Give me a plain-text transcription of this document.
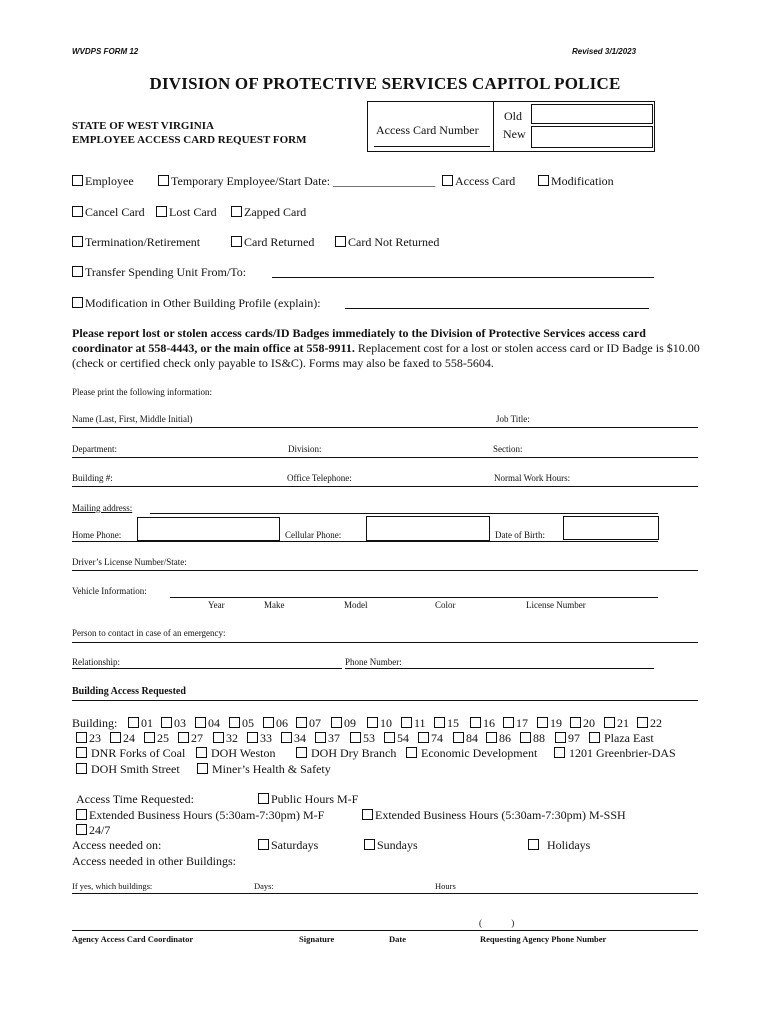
WVDPS FORM 12	Revised 3/1/2023
DIVISION OF PROTECTIVE SERVICES CAPITOL POLICE
STATE OF WEST VIRGINIA
EMPLOYEE ACCESS CARD REQUEST FORM
Access Card Number
Old
New
Employee	Temporary Employee/Start Date: _________________	Access Card	Modification
Cancel Card	Lost Card	Zapped Card
Termination/Retirement	Card Returned	Card Not Returned
Transfer Spending Unit From/To:
Modification in Other Building Profile (explain):
Please report lost or stolen access cards/ID Badges immediately to the Division of Protective Services access card coordinator at 558-4443, or the main office at 558-9911. Replacement cost for a lost or stolen access card or ID Badge is $10.00 (check or certified check only payable to IS&C). Forms may also be faxed to 558-5604.
Please print the following information:
Name (Last, First, Middle Initial)	Job Title:
Department:	Division:	Section:
Building #:	Office Telephone:	Normal Work Hours:
Mailing address:
Home Phone:	Cellular Phone:	Date of Birth:
Driver’s License Number/State:
Vehicle Information:
Year	Make	Model	Color	License Number
Person to contact in case of an emergency:
Relationship:	Phone Number:
Building Access Requested
Building:	01	03	04	05	06	07	09	10	11	15	16	17	19	20	21	22
23	24	25	27	32	33	34	37	53	54	74	84	86	88	97	Plaza East
DNR Forks of Coal	DOH Weston	DOH Dry Branch	Economic Development	1201 Greenbrier-DAS
DOH Smith Street	Miner’s Health & Safety
Access Time Requested:	Public Hours M-F
Extended Business Hours (5:30am-7:30pm) M-F	Extended Business Hours (5:30am-7:30pm) M-SSH
24/7
Access needed on:	Saturdays	Sundays	Holidays
Access needed in other Buildings:
If yes, which buildings:	Days:	Hours
(             )
Agency Access Card Coordinator	Signature	Date	Requesting Agency Phone Number
